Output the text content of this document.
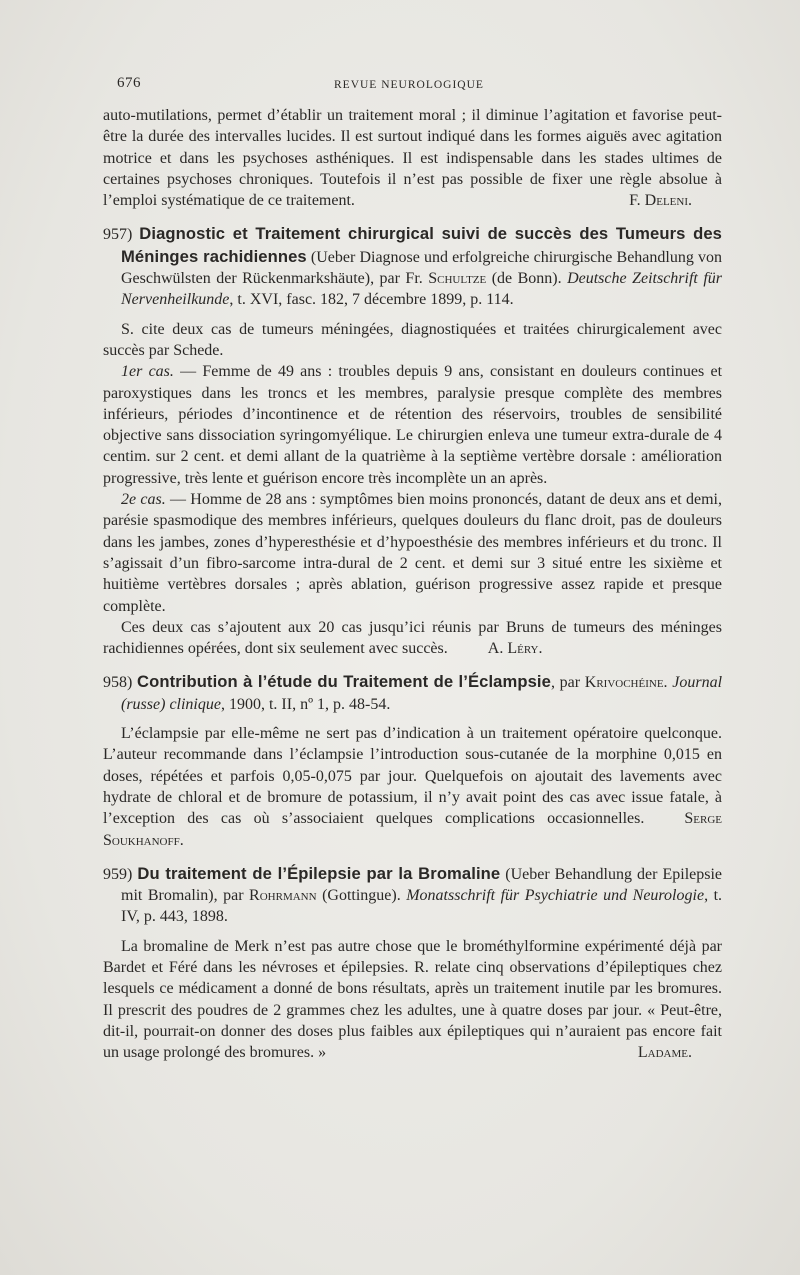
676	REVUE NEUROLOGIQUE

auto-mutilations, permet d’établir un traitement moral ; il diminue l’agitation et favorise peut-être la durée des intervalles lucides. Il est surtout indiqué dans les formes aiguës avec agitation motrice et dans les psychoses asthéniques. Il est indispensable dans les stades ultimes de certaines psychoses chroniques. Toutefois il n’est pas possible de fixer une règle absolue à l’emploi systématique de ce traitement.	F. Deleni.

957) Diagnostic et Traitement chirurgical suivi de succès des Tumeurs des Méninges rachidiennes (Ueber Diagnose und erfolgreiche chirurgische Behandlung von Geschwülsten der Rückenmarkshäute), par Fr. Schultze (de Bonn). Deutsche Zeitschrift für Nervenheilkunde, t. XVI, fasc. 182, 7 décembre 1899, p. 114.

S. cite deux cas de tumeurs méningées, diagnostiquées et traitées chirurgicalement avec succès par Schede.

1er cas. — Femme de 49 ans : troubles depuis 9 ans, consistant en douleurs continues et paroxystiques dans les troncs et les membres, paralysie presque complète des membres inférieurs, périodes d’incontinence et de rétention des réservoirs, troubles de sensibilité objective sans dissociation syringomyélique. Le chirurgien enleva une tumeur extra-durale de 4 centim. sur 2 cent. et demi allant de la quatrième à la septième vertèbre dorsale : amélioration progressive, très lente et guérison encore très incomplète un an après.

2e cas. — Homme de 28 ans : symptômes bien moins prononcés, datant de deux ans et demi, parésie spasmodique des membres inférieurs, quelques douleurs du flanc droit, pas de douleurs dans les jambes, zones d’hyperesthésie et d’hypoesthésie des membres inférieurs et du tronc. Il s’agissait d’un fibro-sarcome intra-dural de 2 cent. et demi sur 3 situé entre les sixième et huitième vertèbres dorsales ; après ablation, guérison progressive assez rapide et presque complète.

Ces deux cas s’ajoutent aux 20 cas jusqu’ici réunis par Bruns de tumeurs des méninges rachidiennes opérées, dont six seulement avec succès.	A. Léry.

958) Contribution à l’étude du Traitement de l’Éclampsie, par Krivochéine. Journal (russe) clinique, 1900, t. II, nº 1, p. 48-54.

L’éclampsie par elle-même ne sert pas d’indication à un traitement opératoire quelconque. L’auteur recommande dans l’éclampsie l’introduction sous-cutanée de la morphine 0,015 en doses, répétées et parfois 0,05-0,075 par jour. Quelquefois on ajoutait des lavements avec hydrate de chloral et de bromure de potassium, il n’y avait point des cas avec issue fatale, à l’exception des cas où s’associaient quelques complications occasionnelles.	Serge Soukhanoff.

959) Du traitement de l’Épilepsie par la Bromaline (Ueber Behandlung der Epilepsie mit Bromalin), par Rohrmann (Gottingue). Monatsschrift für Psychiatrie und Neurologie, t. IV, p. 443, 1898.

La bromaline de Merk n’est pas autre chose que le brométhylformine expérimenté déjà par Bardet et Féré dans les névroses et épilepsies. R. relate cinq observations d’épileptiques chez lesquels ce médicament a donné de bons résultats, après un traitement inutile par les bromures. Il prescrit des poudres de 2 grammes chez les adultes, une à quatre doses par jour. « Peut-être, dit-il, pourrait-on donner des doses plus faibles aux épileptiques qui n’auraient pas encore fait un usage prolongé des bromures. »	Ladame.
